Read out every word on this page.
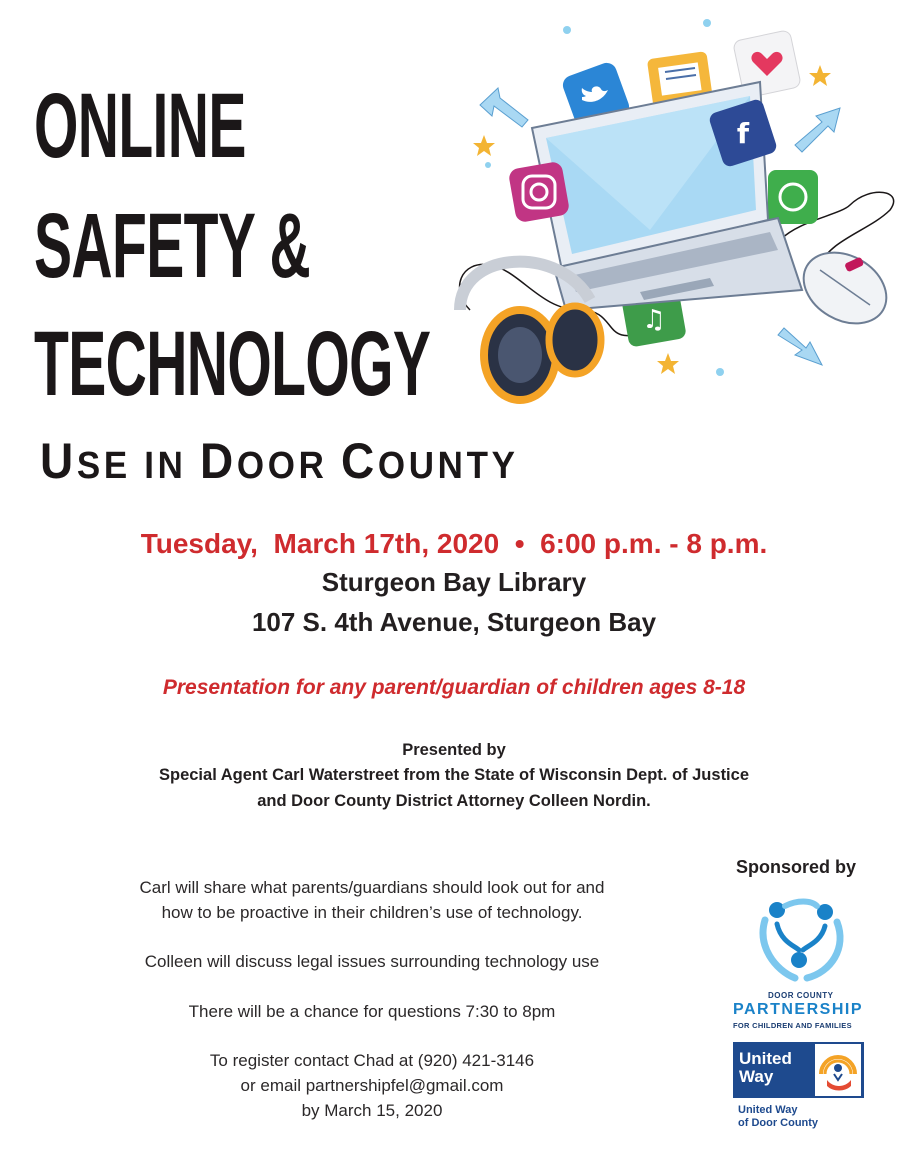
ONLINE
SAFETY &
TECHNOLOGY
USE IN DOOR COUNTY
♫
f
Tuesday,  March 17th, 2020  •  6:00 p.m. - 8 p.m.
Sturgeon Bay Library
107 S. 4th Avenue, Sturgeon Bay
Presentation for any parent/guardian of children ages 8-18
Presented by
Special Agent Carl Waterstreet from the State of Wisconsin Dept. of Justice
and Door County District Attorney Colleen Nordin.
Carl will share what parents/guardians should look out for and
how to be proactive in their children’s use of technology.
Colleen will discuss legal issues surrounding technology use
There will be a chance for questions 7:30 to 8pm
To register contact Chad at (920) 421-3146
or email partnershipfel@gmail.com
by March 15, 2020
Sponsored by
DOOR COUNTY
PARTNERSHIP
FOR CHILDREN AND FAMILIES
United
Way
United Way
of Door County
